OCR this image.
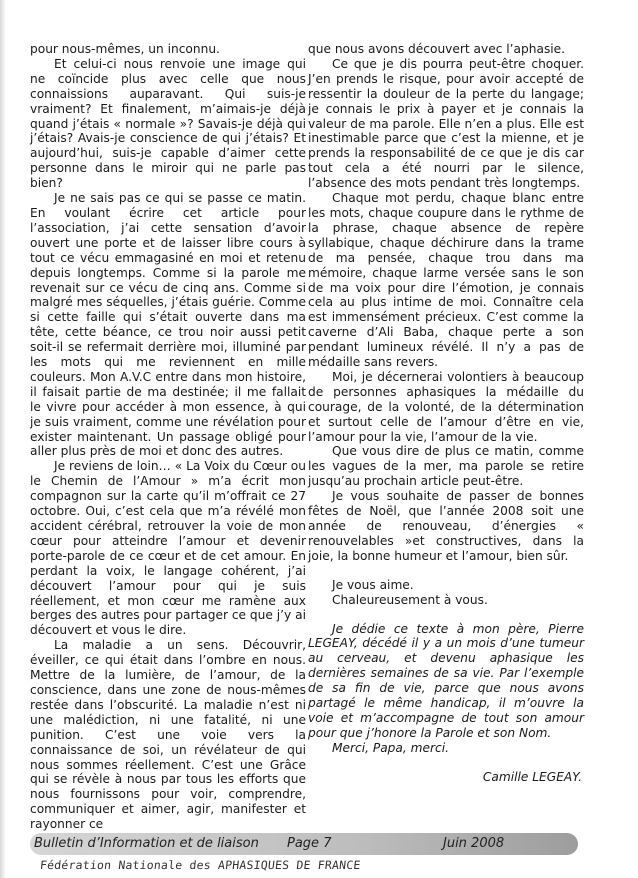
pour nous-mêmes, un inconnu.

Et celui-ci nous renvoie une image qui ne coïncide plus avec celle que nous connaissions auparavant. Qui suis-je vraiment? Et finalement, m’aimais-je déjà quand j’étais « normale »? Savais-je déjà qui j’étais? Avais-je conscience de qui j’étais? Et aujourd’hui, suis-je capable d’aimer cette personne dans le miroir qui ne parle pas bien?

Je ne sais pas ce qui se passe ce matin. En voulant écrire cet article pour l’association, j’ai cette sensation d’avoir ouvert une porte et de laisser libre cours à tout ce vécu emmagasiné en moi et retenu depuis longtemps. Comme si la parole me revenait sur ce vécu de cinq ans. Comme si malgré mes séquelles, j’étais guérie. Comme si cette faille qui s’était ouverte dans ma tête, cette béance, ce trou noir aussi petit soit-il se refermait derrière moi, illuminé par les mots qui me reviennent en mille couleurs. Mon A.V.C entre dans mon histoire, il faisait partie de ma destinée; il me fallait le vivre pour accéder à mon essence, à qui je suis vraiment, comme une révélation pour exister maintenant. Un passage obligé pour aller plus près de moi et donc des autres.

Je reviens de loin… « La Voix du Cœur ou le Chemin de l’Amour » m’a écrit mon compagnon sur la carte qu’il m’offrait ce 27 octobre. Oui, c’est cela que m’a révélé mon accident cérébral, retrouver la voie de mon cœur pour atteindre l’amour et devenir porte-parole de ce cœur et de cet amour. En perdant la voix, le langage cohérent, j’ai découvert l’amour pour qui je suis réellement, et mon cœur me ramène aux berges des autres pour partager ce que j’y ai découvert et vous le dire.

La maladie a un sens. Découvrir, éveiller, ce qui était dans l’ombre en nous. Mettre de la lumière, de l’amour, de la conscience, dans une zone de nous-mêmes restée dans l’obscurité. La maladie n’est ni une malédiction, ni une fatalité, ni une punition. C’est une voie vers la connaissance de soi, un révélateur de qui nous sommes réellement. C’est une Grâce qui se révèle à nous par tous les efforts que nous fournissons pour voir, comprendre, communiquer et aimer, agir, manifester et rayonner ce

que nous avons découvert avec l’aphasie.

Ce que je dis pourra peut-être choquer. J’en prends le risque, pour avoir accepté de ressentir la douleur de la perte du langage; je connais le prix à payer et je connais la valeur de ma parole. Elle n’en a plus. Elle est inestimable parce que c’est la mienne, et je prends la responsabilité de ce que je dis car tout cela a été nourri par le silence, l’absence des mots pendant très longtemps.

Chaque mot perdu, chaque blanc entre les mots, chaque coupure dans le rythme de la phrase, chaque absence de repère syllabique, chaque déchirure dans la trame de ma pensée, chaque trou dans ma mémoire, chaque larme versée sans le son de ma voix pour dire l’émotion, je connais cela au plus intime de moi. Connaître cela est immensément précieux. C’est comme la caverne d’Ali Baba, chaque perte a son pendant lumineux révélé. Il n’y a pas de médaille sans revers.

Moi, je décernerai volontiers à beaucoup de personnes aphasiques la médaille du courage, de la volonté, de la détermination et surtout celle de l’amour d’être en vie, l’amour pour la vie, l’amour de la vie.

Que vous dire de plus ce matin, comme les vagues de la mer, ma parole se retire jusqu’au prochain article peut-être.

Je vous souhaite de passer de bonnes fêtes de Noël, que l’année 2008 soit une année de renouveau, d’énergies « renouvelables »et constructives, dans la joie, la bonne humeur et l’amour, bien sûr.

Je vous aime.

Chaleureusement à vous.

Je dédie ce texte à mon père, Pierre LEGEAY, décédé il y a un mois d’une tumeur au cerveau, et devenu aphasique les dernières semaines de sa vie. Par l’exemple de sa fin de vie, parce que nous avons partagé le même handicap, il m’ouvre la voie et m’accompagne de tout son amour pour que j’honore la Parole et son Nom.

Merci, Papa, merci.

Camille LEGEAY.

Bulletin d’Information et de liaison Page 7	Juin 2008
Fédération Nationale des APHASIQUES DE FRANCE
